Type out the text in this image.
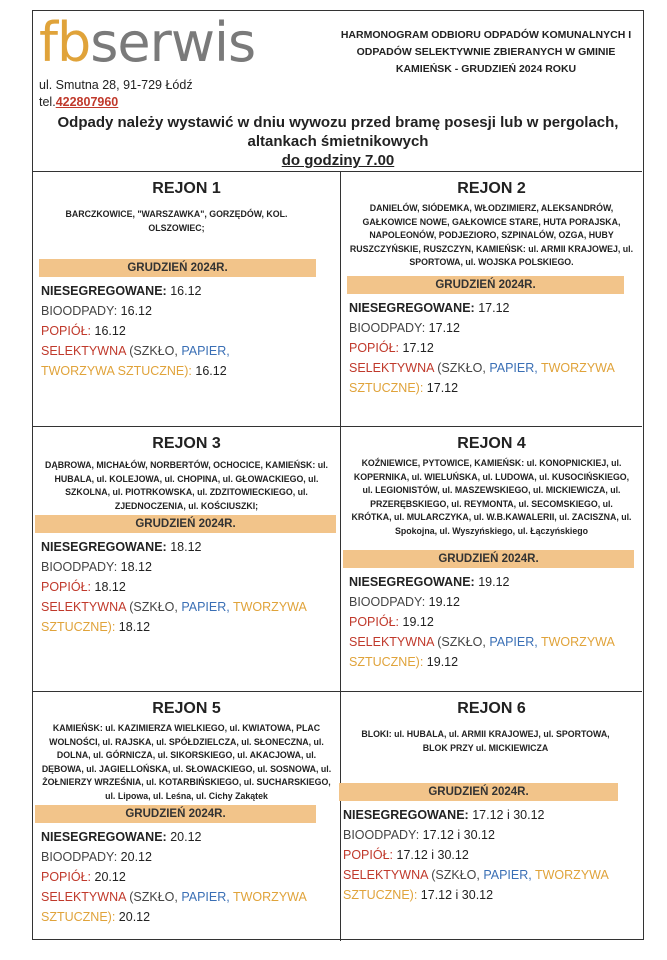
fbserwis
ul. Smutna 28, 91-729 Łódź
tel.422807960
HARMONOGRAM ODBIORU ODPADÓW KOMUNALNYCH I
ODPADÓW SELEKTYWNIE ZBIERANYCH W GMINIE
KAMIEŃSK - GRUDZIEŃ 2024 ROKU
Odpady należy wystawić w dniu wywozu przed bramę posesji lub w pergolach,
altankach śmietnikowych
do godziny 7.00
REJON 1
BARCZKOWICE, "WARSZAWKA", GORZĘDÓW, KOL. OLSZOWIEC;
GRUDZIEŃ 2024R.
NIESEGREGOWANE: 16.12
BIOODPADY: 16.12
POPIÓŁ: 16.12
SELEKTYWNA (SZKŁO, PAPIER,
TWORZYWA SZTUCZNE): 16.12
REJON 2
DANIELÓW, SIÓDEMKA, WŁODZIMIERZ, ALEKSANDRÓW, GAŁKOWICE NOWE, GAŁKOWICE STARE, HUTA PORAJSKA, NAPOLEONÓW, PODJEZIORO, SZPINALÓW, OZGA, HUBY RUSZCZYŃSKIE, RUSZCZYN, KAMIEŃSK: ul. ARMII KRAJOWEJ, ul. SPORTOWA, ul. WOJSKA POLSKIEGO.
GRUDZIEŃ 2024R.
NIESEGREGOWANE: 17.12
BIOODPADY: 17.12
POPIÓŁ: 17.12
SELEKTYWNA (SZKŁO, PAPIER, TWORZYWA
SZTUCZNE): 17.12
REJON 3
DĄBROWA, MICHAŁÓW, NORBERTÓW, OCHOCICE, KAMIEŃSK: ul. HUBALA, ul. KOLEJOWA, ul. CHOPINA, ul. GŁOWACKIEGO, ul. SZKOLNA, ul. PIOTRKOWSKA, ul. ZDZITOWIECKIEGO, ul. ZJEDNOCZENIA, ul. KOŚCIUSZKI;
GRUDZIEŃ 2024R.
NIESEGREGOWANE: 18.12
BIOODPADY: 18.12
POPIÓŁ: 18.12
SELEKTYWNA (SZKŁO, PAPIER, TWORZYWA
SZTUCZNE): 18.12
REJON 4
KOŹNIEWICE, PYTOWICE, KAMIEŃSK: ul. KONOPNICKIEJ, ul. KOPERNIKA, ul. WIELUŃSKA, ul. LUDOWA, ul. KUSOCIŃSKIEGO, ul. LEGIONISTÓW, ul. MASZEWSKIEGO, ul. MICKIEWICZA, ul. PRZERĘBSKIEGO, ul. REYMONTA, ul. SECOMSKIEGO, ul. KRÓTKA, ul. MULARCZYKA, ul. W.B.KAWALERII, ul. ZACISZNA, ul. Spokojna, ul. Wyszyńskiego, ul. Łączyńskiego
GRUDZIEŃ 2024R.
NIESEGREGOWANE: 19.12
BIOODPADY: 19.12
POPIÓŁ: 19.12
SELEKTYWNA (SZKŁO, PAPIER, TWORZYWA
SZTUCZNE): 19.12
REJON 5
KAMIEŃSK: ul. KAZIMIERZA WIELKIEGO, ul. KWIATOWA, PLAC WOLNOŚCI, ul. RAJSKA, ul. SPÓŁDZIELCZA, ul. SŁONECZNA, ul. DOLNA, ul. GÓRNICZA, ul. SIKORSKIEGO, ul. AKACJOWA, ul. DĘBOWA, ul. JAGIELLOŃSKA, ul. SŁOWACKIEGO, ul. SOSNOWA, ul. ŻOŁNIERZY WRZEŚNIA, ul. KOTARBIŃSKIEGO, ul. SUCHARSKIEGO, ul. Lipowa, ul. Leśna, ul. Cichy Zakątek
GRUDZIEŃ 2024R.
NIESEGREGOWANE: 20.12
BIOODPADY: 20.12
POPIÓŁ: 20.12
SELEKTYWNA (SZKŁO, PAPIER, TWORZYWA
SZTUCZNE): 20.12
REJON 6
BLOKI: ul. HUBALA, ul. ARMII KRAJOWEJ, ul. SPORTOWA, BLOK PRZY ul. MICKIEWICZA
GRUDZIEŃ 2024R.
NIESEGREGOWANE: 17.12 i 30.12
BIOODPADY: 17.12 i 30.12
POPIÓŁ: 17.12 i 30.12
SELEKTYWNA (SZKŁO, PAPIER, TWORZYWA
SZTUCZNE): 17.12 i 30.12
